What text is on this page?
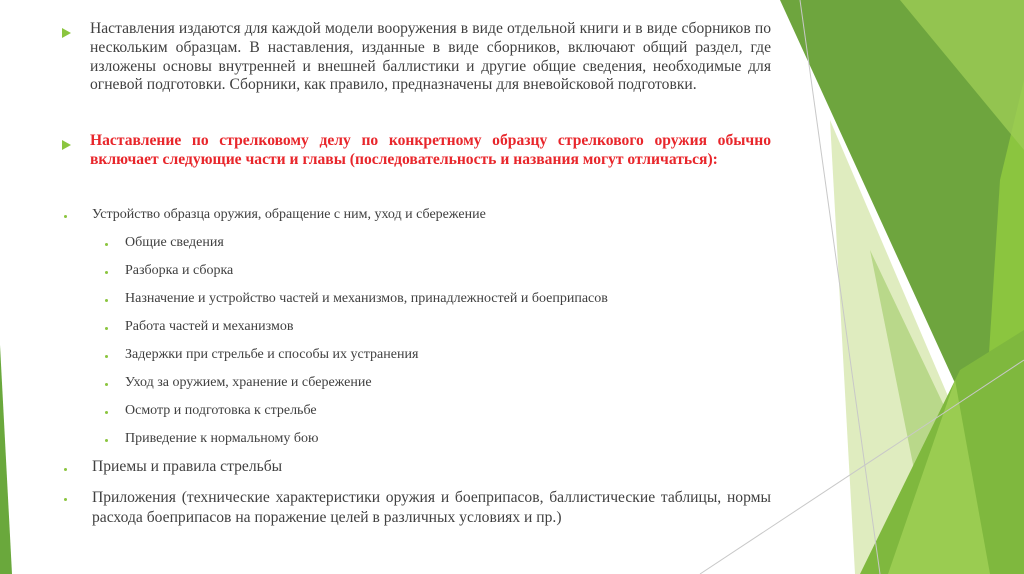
Наставления издаются для каждой модели вооружения в виде отдельной книги и в виде сборников по нескольким образцам. В наставления, изданные в виде сборников, включают общий раздел, где изложены основы внутренней и внешней баллистики и другие общие сведения, необходимые для огневой подготовки. Сборники, как правило, предназначены для вневойсковой подготовки.
Наставление по стрелковому делу по конкретному образцу стрелкового оружия обычно включает следующие части и главы (последовательность и названия могут отличаться):
Устройство образца оружия, обращение с ним, уход и сбережение
Общие сведения
Разборка и сборка
Назначение и устройство частей и механизмов, принадлежностей и боеприпасов
Работа частей и механизмов
Задержки при стрельбе и способы их устранения
Уход за оружием, хранение и сбережение
Осмотр и подготовка к стрельбе
Приведение к нормальному бою
Приемы и правила стрельбы
Приложения (технические характеристики оружия и боеприпасов, баллистические таблицы, нормы расхода боеприпасов на поражение целей в различных условиях и пр.)
